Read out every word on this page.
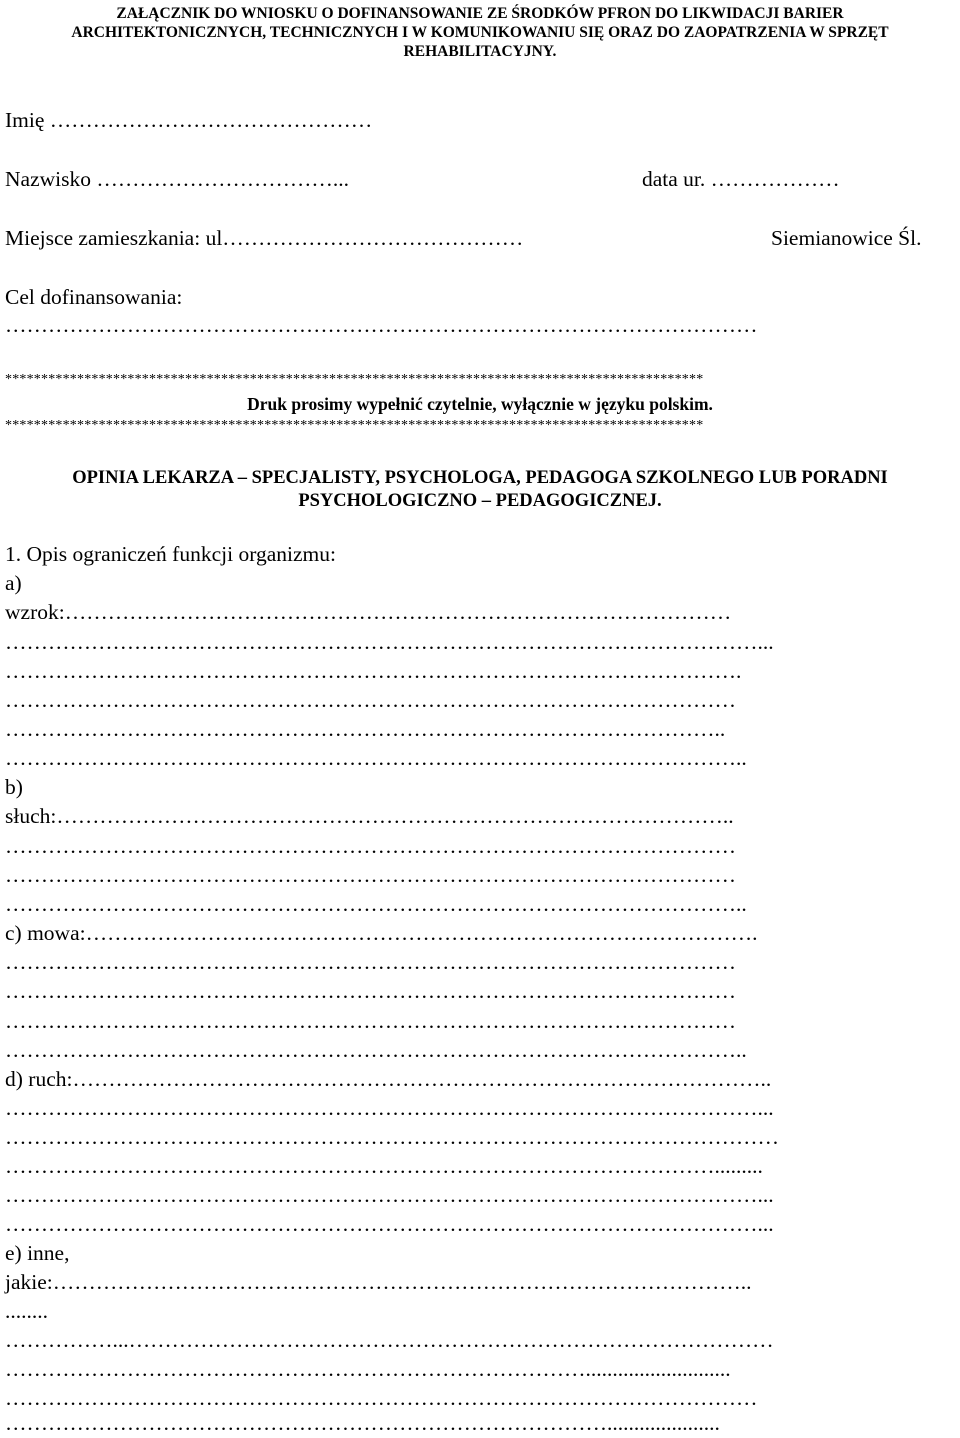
ZAŁĄCZNIK DO WNIOSKU O DOFINANSOWANIE ZE ŚRODKÓW PFRON DO LIKWIDACJI BARIER
ARCHITEKTONICZNYCH, TECHNICZNYCH I W KOMUNIKOWANIU SIĘ ORAZ DO ZAOPATRZENIA W SPRZĘT
REHABILITACYJNY.
Imię ………………………………………
Nazwisko ……………………………...	data ur. ………………
Miejsce zamieszkania: ul……………………………………	Siemianowice Śl.
Cel dofinansowania:
……………………………………………………………………………………………
*************************************************************************************************
Druk prosimy wypełnić czytelnie, wyłącznie w języku polskim.
*************************************************************************************************
OPINIA LEKARZA – SPECJALISTY, PSYCHOLOGA, PEDAGOGA SZKOLNEGO LUB PORADNI
PSYCHOLOGICZNO – PEDAGOGICZNEJ.
1. Opis ograniczeń funkcji organizmu:
a)
wzrok:…………………………………………………………………………………
……………………………………………………………………………………………...
………………………………………………………………………………………….
…………………………………………………………………………………………
………………………………………………………………………………………..
…………………………………………………………………………………………..
b)
słuch:…………………………………………………………………………………..
…………………………………………………………………………………………
…………………………………………………………………………………………
…………………………………………………………………………………………..
c) mowa:………………………………………………………………………………….
…………………………………………………………………………………………
…………………………………………………………………………………………
…………………………………………………………………………………………
…………………………………………………………………………………………..
d) ruch:……………………………………………………………………………………..
……………………………………………………………………………………………...
………………………………………………………………………………………………
……………………………………………………………………………………….........
……………………………………………………………………………………………...
……………………………………………………………………………………………...
e) inne,
jakie:……………………………………………………………………………………..
........
……………...………………………………………………………………………………
………………………………………………………………………...........................
……………………………………………………………………………………………
………………………………………………………………………….....................
